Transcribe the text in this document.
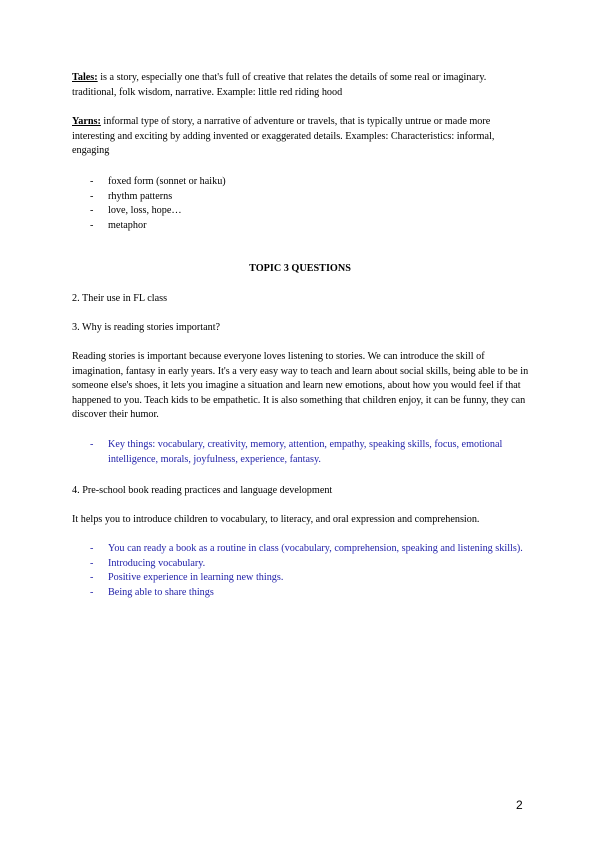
Tales: is a story, especially one that's full of creative that relates the details of some real or imaginary. traditional, folk wisdom, narrative. Example: little red riding hood

Yarns: informal type of story, a narrative of adventure or travels, that is typically untrue or made more interesting and exciting by adding invented or exaggerated details. Examples: Characteristics: informal, engaging

- foxed form (sonnet or haiku)
- rhythm patterns
- love, loss, hope…
- metaphor

TOPIC 3 QUESTIONS

2. Their use in FL class

3. Why is reading stories important?

Reading stories is important because everyone loves listening to stories. We can introduce the skill of imagination, fantasy in early years. It's a very easy way to teach and learn about social skills, being able to be in someone else's shoes, it lets you imagine a situation and learn new emotions, about how you would feel if that happened to you. Teach kids to be empathetic. It is also something that children enjoy, it can be funny, they can discover their humor.

- Key things: vocabulary, creativity, memory, attention, empathy, speaking skills, focus, emotional intelligence, morals, joyfulness, experience, fantasy.

4. Pre-school book reading practices and language development

It helps you to introduce children to vocabulary, to literacy, and oral expression and comprehension.

- You can ready a book as a routine in class (vocabulary, comprehension, speaking and listening skills).
- Introducing vocabulary.
- Positive experience in learning new things.
- Being able to share things
2
